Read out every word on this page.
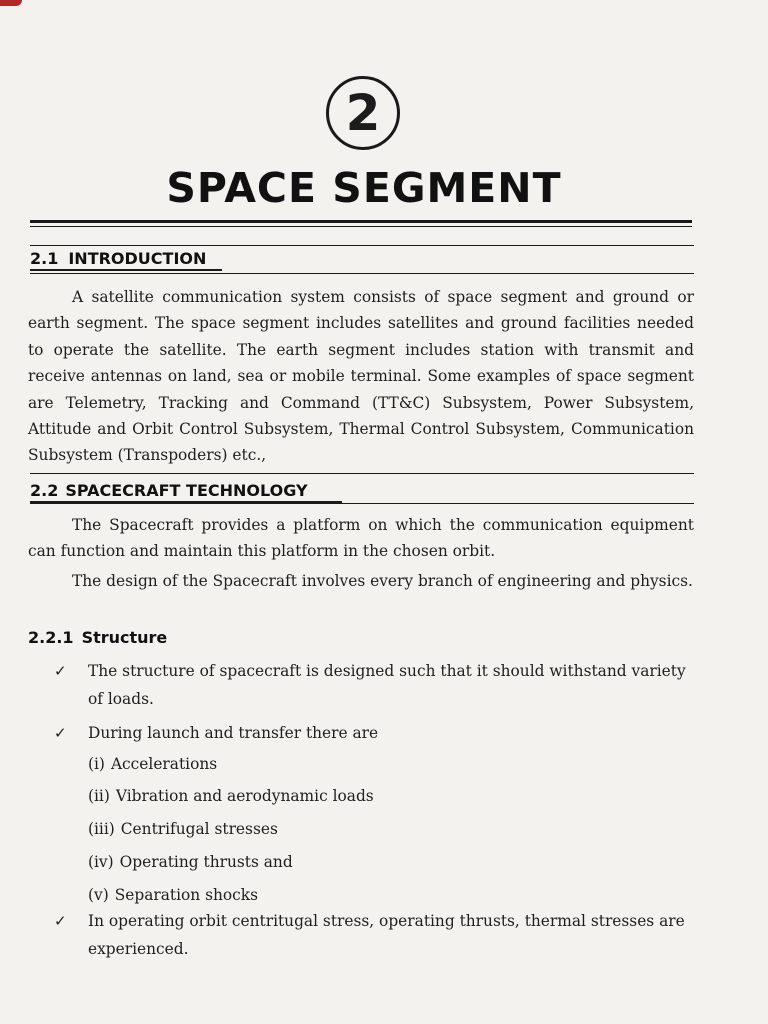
2
SPACE SEGMENT
2.1 INTRODUCTION
A satellite communication system consists of space segment and ground or earth segment. The space segment includes satellites and ground facilities needed to operate the satellite. The earth segment includes station with transmit and receive antennas on land, sea or mobile terminal. Some examples of space segment are Telemetry, Tracking and Command (TT&C) Subsystem, Power Subsystem, Attitude and Orbit Control Subsystem, Thermal Control Subsystem, Communication Subsystem (Transpoders) etc.,
2.2 SPACECRAFT TECHNOLOGY
The Spacecraft provides a platform on which the communication equipment can function and maintain this platform in the chosen orbit.
The design of the Spacecraft involves every branch of engineering and physics.
2.2.1 Structure
✓ The structure of spacecraft is designed such that it should withstand variety of loads.
✓ During launch and transfer there are
(i) Accelerations
(ii) Vibration and aerodynamic loads
(iii) Centrifugal stresses
(iv) Operating thrusts and
(v) Separation shocks
✓ In operating orbit centritugal stress, operating thrusts, thermal stresses are experienced.
